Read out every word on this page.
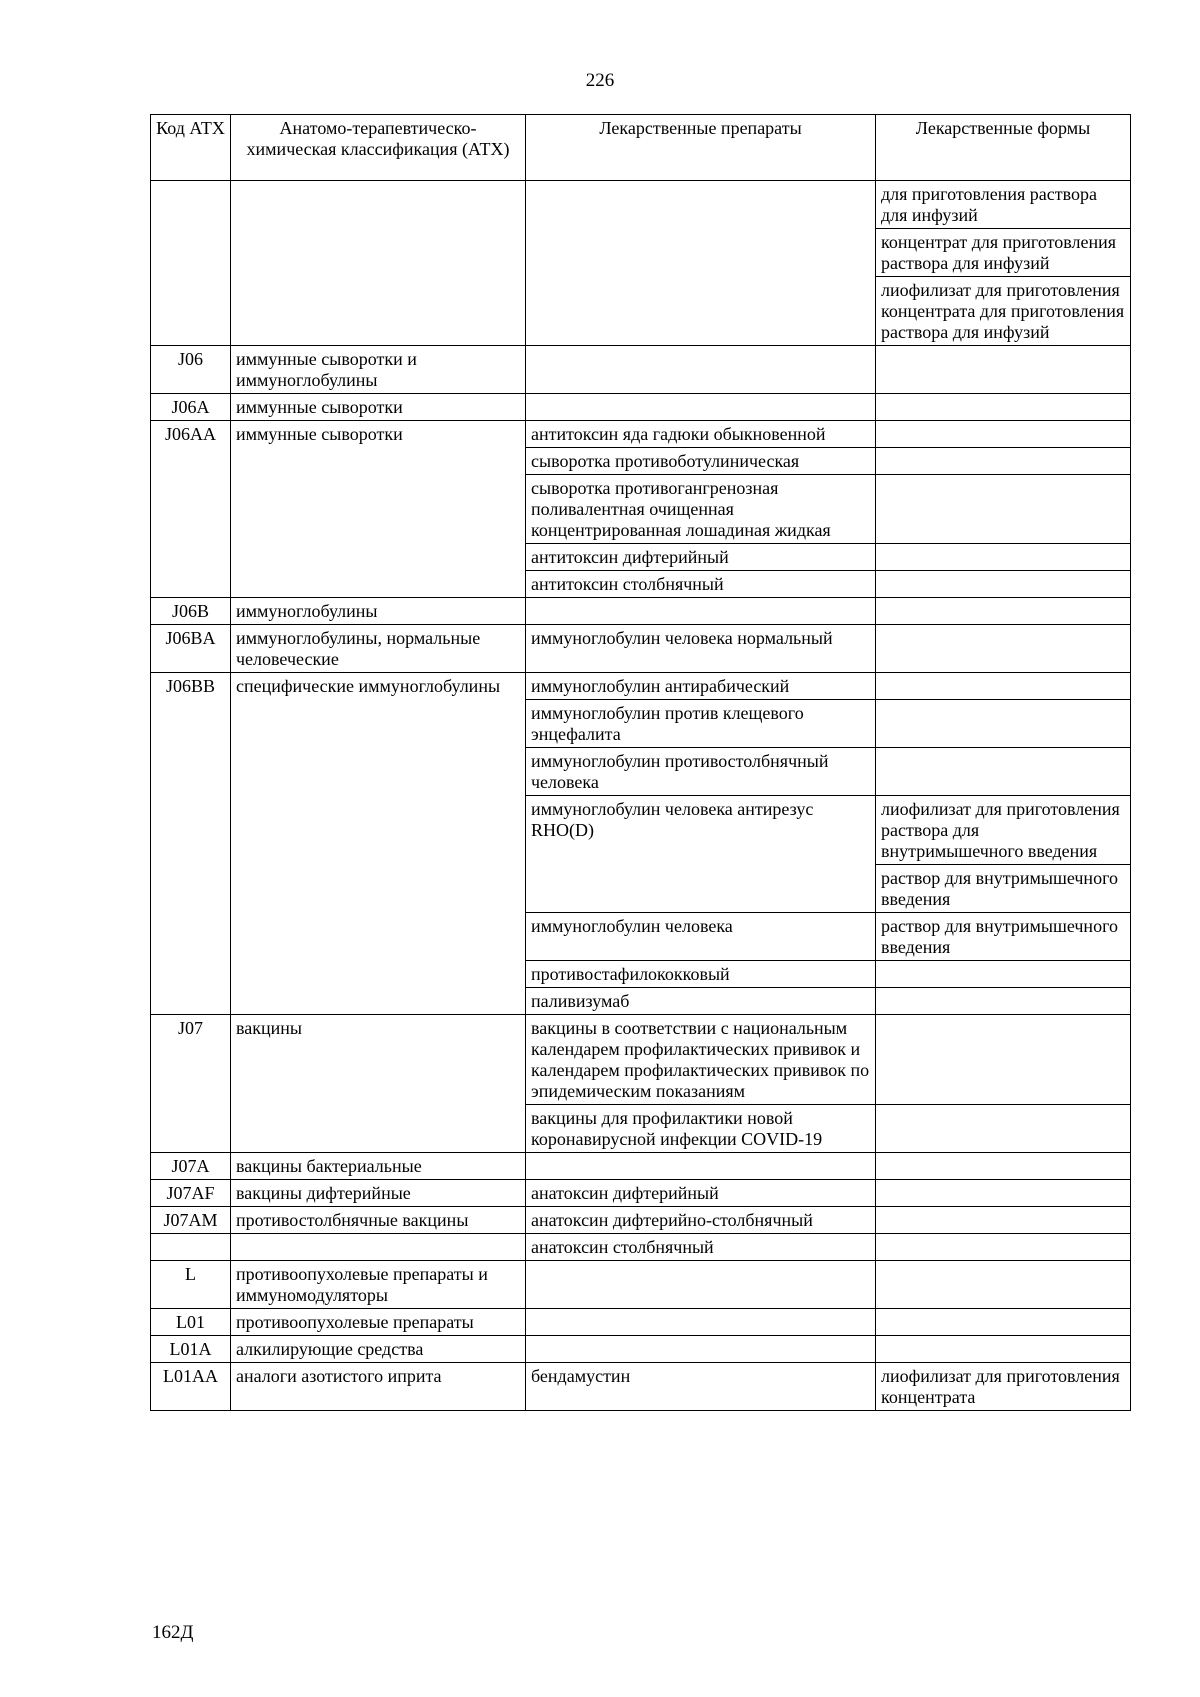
226
Код АТХ	Анатомо-терапевтическо-химическая классификация (АТХ)	Лекарственные препараты	Лекарственные формы
			для приготовления раствора для инфузий
			концентрат для приготовления раствора для инфузий
			лиофилизат для приготовления концентрата для приготовления раствора для инфузий
J06	иммунные сыворотки и иммуноглобулины		
J06A	иммунные сыворотки		
J06AA	иммунные сыворотки	антитоксин яда гадюки обыкновенной	
		сыворотка противоботулиническая	
		сыворотка противогангренозная поливалентная очищенная концентрированная лошадиная жидкая	
		антитоксин дифтерийный	
		антитоксин столбнячный	
J06B	иммуноглобулины		
J06BA	иммуноглобулины, нормальные человеческие	иммуноглобулин человека нормальный	
J06BB	специфические иммуноглобулины	иммуноглобулин антирабический	
		иммуноглобулин против клещевого энцефалита	
		иммуноглобулин противостолбнячный человека	
		иммуноглобулин человека антирезус RHO(D)	лиофилизат для приготовления раствора для внутримышечного введения
			раствор для внутримышечного введения
		иммуноглобулин человека	раствор для внутримышечного введения
		противостафилококковый	
		паливизумаб	
J07	вакцины	вакцины в соответствии с национальным календарем профилактических прививок и календарем профилактических прививок по эпидемическим показаниям	
		вакцины для профилактики новой коронавирусной инфекции COVID-19	
J07A	вакцины бактериальные		
J07AF	вакцины дифтерийные	анатоксин дифтерийный	
J07AM	противостолбнячные вакцины	анатоксин дифтерийно-столбнячный	
		анатоксин столбнячный	
L	противоопухолевые препараты и иммуномодуляторы		
L01	противоопухолевые препараты		
L01A	алкилирующие средства		
L01AA	аналоги азотистого иприта	бендамустин	лиофилизат для приготовления концентрата
162Д
